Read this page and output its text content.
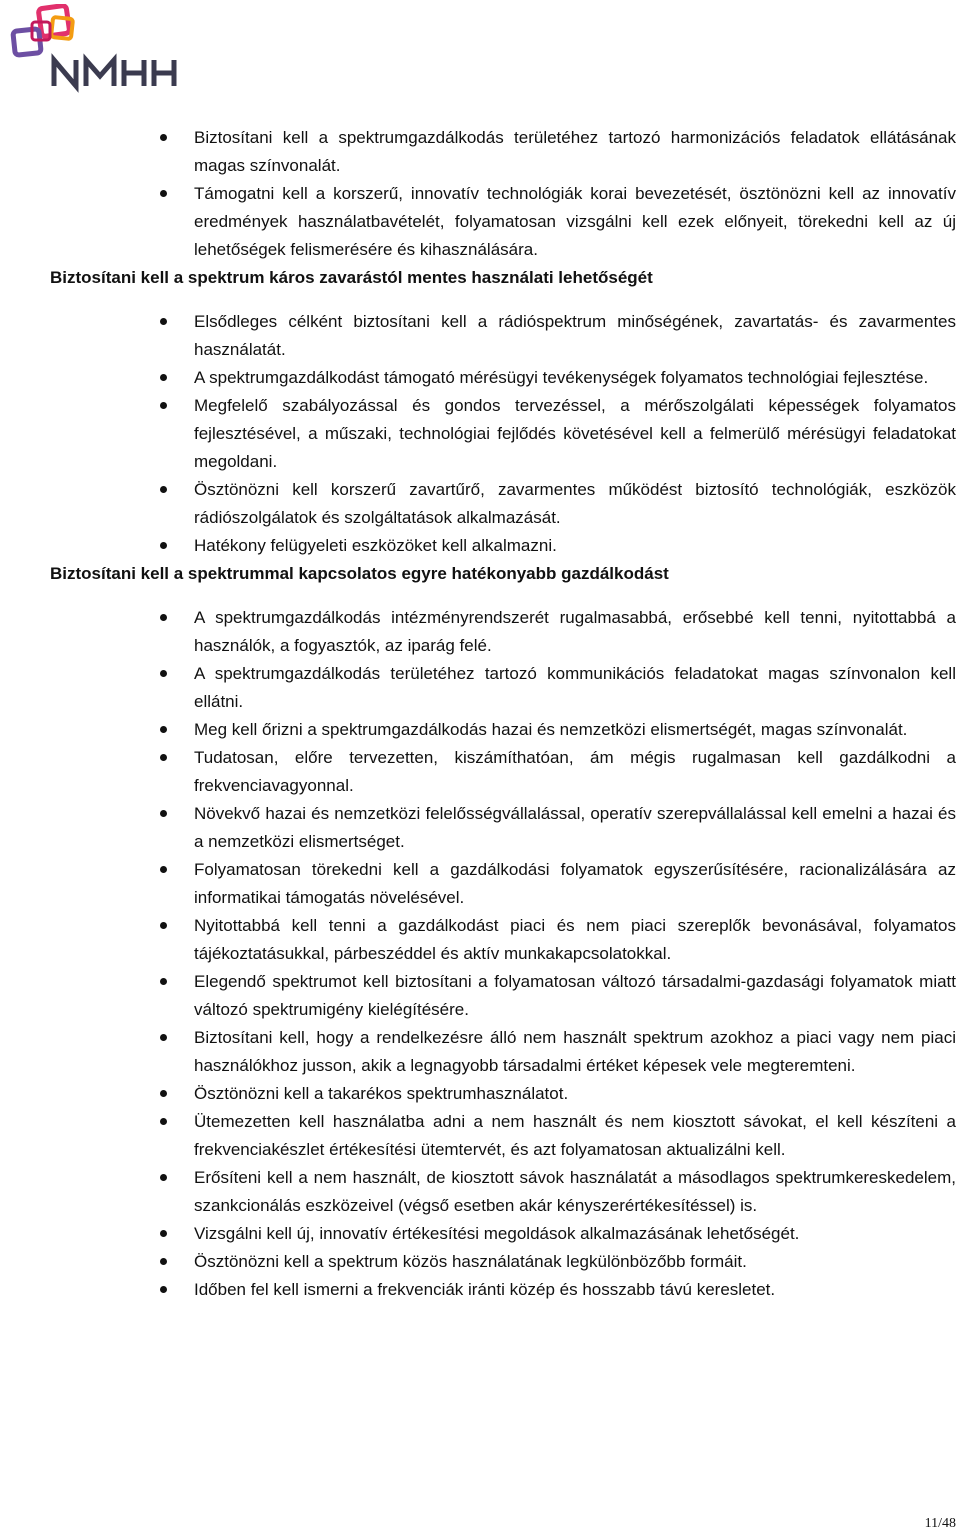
Biztosítani kell a spektrumgazdálkodás területéhez tartozó harmonizációs feladatok ellátásának magas színvonalát.
Támogatni kell a korszerű, innovatív technológiák korai bevezetését, ösztönözni kell az innovatív eredmények használatbavételét, folyamatosan vizsgálni kell ezek előnyeit, törekedni kell az új lehetőségek felismerésére és kihasználására.

Biztosítani kell a spektrum káros zavarástól mentes használati lehetőségét

Elsődleges célként biztosítani kell a rádióspektrum minőségének, zavartatás- és zavarmentes használatát.
A spektrumgazdálkodást támogató mérésügyi tevékenységek folyamatos technológiai fejlesztése.
Megfelelő szabályozással és gondos tervezéssel, a mérőszolgálati képességek folyamatos fejlesztésével, a műszaki, technológiai fejlődés követésével kell a felmerülő mérésügyi feladatokat megoldani.
Ösztönözni kell korszerű zavartűrő, zavarmentes működést biztosító technológiák, eszközök rádiószolgálatok és szolgáltatások alkalmazását.
Hatékony felügyeleti eszközöket kell alkalmazni.

Biztosítani kell a spektrummal kapcsolatos egyre hatékonyabb gazdálkodást

A spektrumgazdálkodás intézményrendszerét rugalmasabbá, erősebbé kell tenni, nyitottabbá a használók, a fogyasztók, az iparág felé.
A spektrumgazdálkodás területéhez tartozó kommunikációs feladatokat magas színvonalon kell ellátni.
Meg kell őrizni a spektrumgazdálkodás hazai és nemzetközi elismertségét, magas színvonalát.
Tudatosan, előre tervezetten, kiszámíthatóan, ám mégis rugalmasan kell gazdálkodni a frekvenciavagyonnal.
Növekvő hazai és nemzetközi felelősségvállalással, operatív szerepvállalással kell emelni a hazai és a nemzetközi elismertséget.
Folyamatosan törekedni kell a gazdálkodási folyamatok egyszerűsítésére, racionalizálására az informatikai támogatás növelésével.
Nyitottabbá kell tenni a gazdálkodást piaci és nem piaci szereplők bevonásával, folyamatos tájékoztatásukkal, párbeszéddel és aktív munkakapcsolatokkal.
Elegendő spektrumot kell biztosítani a folyamatosan változó társadalmi-gazdasági folyamatok miatt változó spektrumigény kielégítésére.
Biztosítani kell, hogy a rendelkezésre álló nem használt spektrum azokhoz a piaci vagy nem piaci használókhoz jusson, akik a legnagyobb társadalmi értéket képesek vele megteremteni.
Ösztönözni kell a takarékos spektrumhasználatot.
Ütemezetten kell használatba adni a nem használt és nem kiosztott sávokat, el kell készíteni a frekvenciakészlet értékesítési ütemtervét, és azt folyamatosan aktualizálni kell.
Erősíteni kell a nem használt, de kiosztott sávok használatát a másodlagos spektrumkereskedelem, szankcionálás eszközeivel (végső esetben akár kényszerértékesítéssel) is.
Vizsgálni kell új, innovatív értékesítési megoldások alkalmazásának lehetőségét.
Ösztönözni kell a spektrum közös használatának legkülönbözőbb formáit.
Időben fel kell ismerni a frekvenciák iránti közép és hosszabb távú keresletet.
11/48
